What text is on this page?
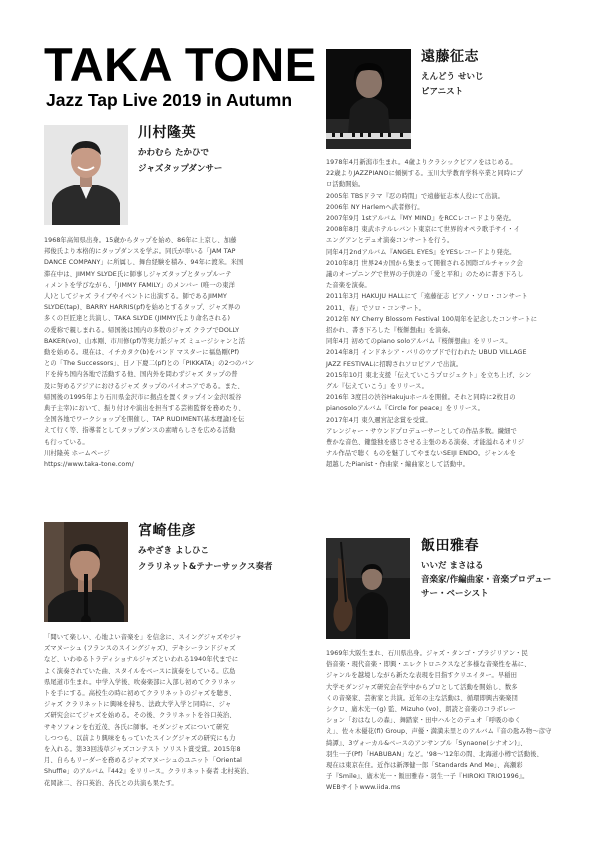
TAKA TONE
Jazz Tap Live 2019 in Autumn
川村隆英
かわむら たかひで
ジャズタップダンサー
1968年高知県出身。15歳からタップを始め、86年に上京し、加藤
邦俊氏より本格的にタップダンスを学ぶ。同氏が率いる「JAM TAP
DANCE COMPANY」に所属し、舞台経験を積み、94年に渡米。米国
滞在中は、JIMMY SLYDE氏に師事しジャズタップとタップルーテ
ィメントを学びながら、「JIMMY FAMILY」のメンバー (唯一の東洋
人)としてジャズ ライブやイベントに出演する。師であるJIMMY
SLYDE(tap)、BARRY HARRIS(pf)を始めとするタップ、ジャズ界の
多くの巨匠達と共演し、TAKA SLYDE (JIMMY氏より命名される)
の愛称で親しまれる。帰国後は国内の多数のジャズ クラブでDOLLY
BAKER(vo)、山本剛、市川修(pf)等実力派ジャズ ミュージシャンと活
動を始める。現在は、イチカタク(b)をバンド マスターに福島剛(Pf)
との「The Successors」、日ノ下慶二(pf)との「PIKKATA」の2つのバン
ドを持ち国内各地で活動する他、国内外を問わずジャズ タップの普
及に努めるアジアにおけるジャズ タップのパイオニアである。また、
帰国後の1995年より石川県金沢市に拠点を置くタップイン金沢(坂谷
典子主宰)において、振り付けや演出を担当する芸術監督を務めたり、
全国各地でワークショップを開催し、TAP RUDIMENT(基本理論)を伝
えて行く等、指導者としてタップダンスの素晴らしさを広める活動
も行っている。
川村隆英 ホームページ
https://www.taka-tone.com/
宮崎佳彦
みやざき よしひこ
クラリネット&テナーサックス奏者
「聞いて楽しい、心地よい音楽を」を信念に、スイングジャズやジャ
ズマヌーシュ (フランスのスイングジャズ)、デキシーランドジャズ
など、いわゆるトラディショナルジャズといわれる1940年代までに
よく演奏されていた曲、スタイルをベースに演奏をしている。広島
県尾道市生まれ。中学入学後、吹奏楽部に入部し初めてクラリネッ
トを手にする。高校生の時に初めてクラリネットのジャズを聴き、
ジャズ クラリネットに興味を持ち、法政大学入学と同時に、ジャ
ズ研究会にてジャズを始める。その後、クラリネットを谷口英治、
サキソフォンを右近茂、各氏に師事。モダンジャズについて研究
しつつも、以前より興味をもっていたスイングジャズの研究にも力
を入れる。第33回浅草ジャズコンテスト ソリスト賞受賞。2015年8
月、自らもリーダーを務めるジャズマヌーシュのユニット「Oriental
Shuffle」のアルバム『442』をリリース。クラリネット奏者 北村英治、
花岡詠二、谷口英治、各氏との共演も果たす。
遠藤征志
えんどう せいじ
ピアニスト
1978年4月新潟市生まれ。4歳よりクラシックピアノをはじめる。
22歳よりJAZZPIANOに傾倒する。玉川大学教育学科卒業と同時にプ
ロ活動開始。
2005年 TBSドラマ『忍の時間』で遠藤征志本人役にて出演。
2006年 NY Harlemへ武者修行。
2007年9月 1stアルバム『MY MIND』をRCCレコードより発売。
2008年8月 東武ホテルレバント東京にて世界的オペラ歌手サイ・イ
エングアンとデュオ演奏コンサートを行う。
同年4月2ndアルバム『ANGEL EYES』をYESレコードより発売。
2010年8月 世界24カ国から集まって開催される国際ゴルチャック会
議のオープニングで世界の子供達の「愛と平和」のために書き下ろし
た音楽を演奏。
2011年3月 HAKUJU HALLにて「遠藤征志 ピアノ・ソロ・コンサート
2011、春」でソロ・コンサート。
2012年 NY Cherry Blossom Festival 100周年を記念したコンサートに
招かれ、書き下ろした『桜餅想曲』を演奏。
同年4月 初めてのpiano soloアルバム『桜餅想曲』をリリース。
2014年8月 インドネシア・バリのウブドで行われた UBUD VILLAGE
JAZZ FESTIVALに招聘されソロピアノで出演。
2015年10月 東北支援「伝えていこうプロジェクト」を立ち上げ、シン
グル『伝えていこう』をリリース。
2016年 3度目の渋谷Hakujuホールを開催。それと同時に2枚目の
pianosoloアルバム『Circle for peace』をリリース。
2017年4月 東久邇宮記念賞を受賞。
アレンジャー・サウンドプロデューサーとしての作品多数。繊細で
豊かな音色、鍵盤独を感じさせる主張のある演奏、才能溢れるオリジ
ナル作品で聴く ものを魅了してやまないSEIJI ENDO。ジャンルを
超越したPianist・作曲家・編曲家として活動中。
飯田雅春
いいだ まさはる
音楽家/作編曲家・音楽プロデュー
サー・ベーシスト
1969年大阪生まれ、石川県出身。ジャズ・タンゴ・ブラジリアン・民
俗音楽・現代音楽・即興・エレクトロニクスなど多様な音楽性を基に、
ジャンルを越境しながら新たな表現を目指すクリエイター。早稲田
大学モダンジャズ研究会在学中からプロとして活動を開始し、数多
くの音楽家、芸術家と共演。近年の主な活動は、循環即興古楽楽団
シクロ、廣木光一(g) 監、Mizuho (vo)、朗読と音楽のコラボレー
ション「おはなしの森」、舞踏家・田中ハルとのデュオ「呼吸のゆく
え」、佐々木優花(fl) Group、声優・満満未里とのアルバム『音の匙み物〜彦守
綺譚』、3ヴォーカル&ベースのアンサンブル「Synaone(シナオン)」、
羽生一子(Pf)「HABUBAN」など。'98〜'12年の間、北海道小樽で活動後、
現在は東京在住。近作は新澤健一郎「Standards And Me」、高瀬彩
子『Smile』、廣木光一・飯田雅春・羽生一子『HIROKI TRIO1996』。
WEBサイトwww.iida.ms
